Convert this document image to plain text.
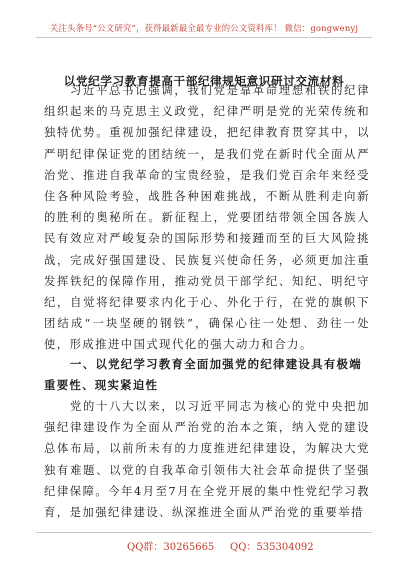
关注头条号“公文研究”，获得最新最全最专业的公文资料库！ 微信：gongwenyj
以党纪学习教育提高干部纪律规矩意识研讨交流材料

习近平总书记强调，我们党是靠革命理想和铁的纪律组织起来的马克思主义政党，纪律严明是党的光荣传统和独特优势。重视加强纪律建设，把纪律教育贯穿其中，以严明纪律保证党的团结统一，是我们党在新时代全面从严治党、推进自我革命的宝贵经验，是我们党百余年来经受住各种风险考验，战胜各种困难挑战，不断从胜利走向新的胜利的奥秘所在。新征程上，党要团结带领全国各族人民有效应对严峻复杂的国际形势和接踵而至的巨大风险挑战，完成好强国建设、民族复兴使命任务，必须更加注重发挥铁纪的保障作用，推动党员干部学纪、知纪、明纪守纪，自觉将纪律要求内化于心、外化于行，在党的旗帜下团结成“一块坚硬的钢铁”，确保心往一处想、劲往一处使，形成推进中国式现代化的强大动力和合力。

一、以党纪学习教育全面加强党的纪律建设具有极端重要性、现实紧迫性

党的十八大以来，以习近平同志为核心的党中央把加强纪律建设作为全面从严治党的治本之策，纳入党的建设总体布局，以前所未有的力度推进纪律建设，为解决大党独有难题、以党的自我革命引领伟大社会革命提供了坚强纪律保障。今年4月至7月在全党开展的集中性党纪学习教育，是加强纪律建设、纵深推进全面从严治党的重要举措

QQ群：30265665 QQ：535304092
